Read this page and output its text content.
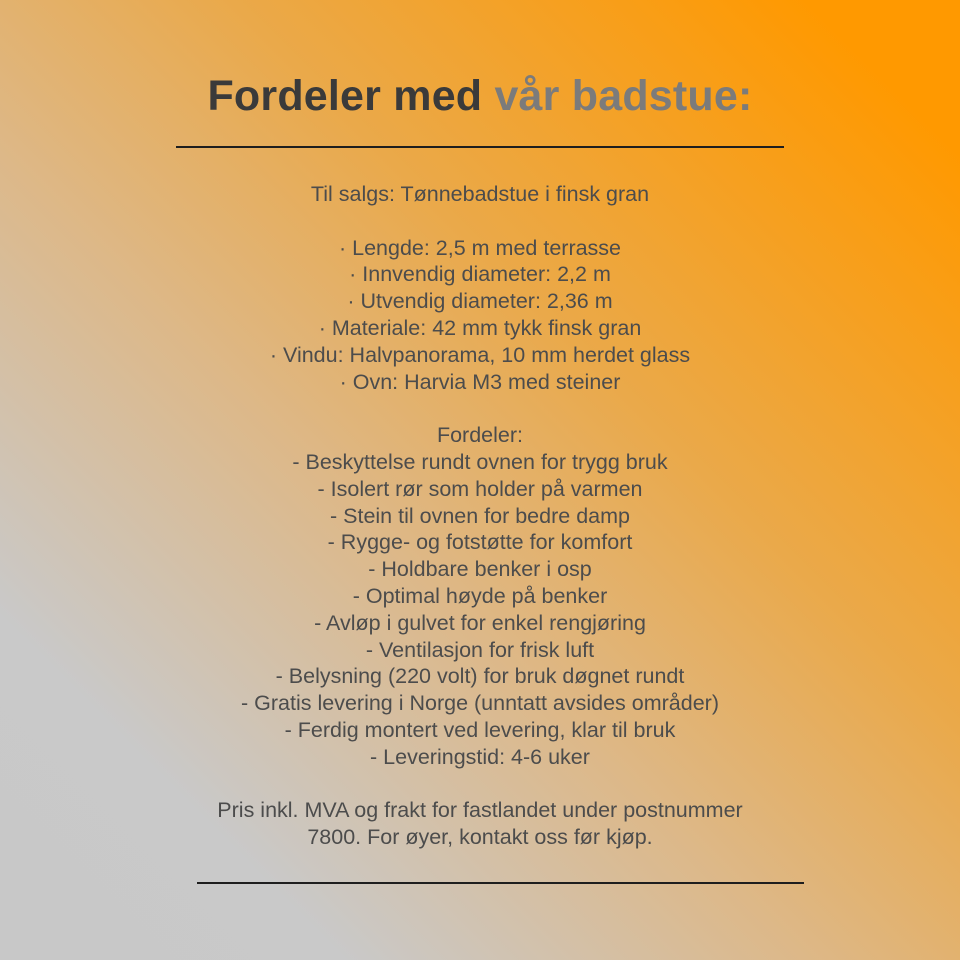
Fordeler med vår badstue:
Til salgs: Tønnebadstue i finsk gran
· Lengde: 2,5 m med terrasse
· Innvendig diameter: 2,2 m
· Utvendig diameter: 2,36 m
· Materiale: 42 mm tykk finsk gran
· Vindu: Halvpanorama, 10 mm herdet glass
· Ovn: Harvia M3 med steiner
Fordeler:
- Beskyttelse rundt ovnen for trygg bruk
- Isolert rør som holder på varmen
- Stein til ovnen for bedre damp
- Rygge- og fotstøtte for komfort
- Holdbare benker i osp
- Optimal høyde på benker
- Avløp i gulvet for enkel rengjøring
- Ventilasjon for frisk luft
- Belysning (220 volt) for bruk døgnet rundt
- Gratis levering i Norge (unntatt avsides områder)
- Ferdig montert ved levering, klar til bruk
- Leveringstid: 4-6 uker
Pris inkl. MVA og frakt for fastlandet under postnummer
7800. For øyer, kontakt oss før kjøp.
